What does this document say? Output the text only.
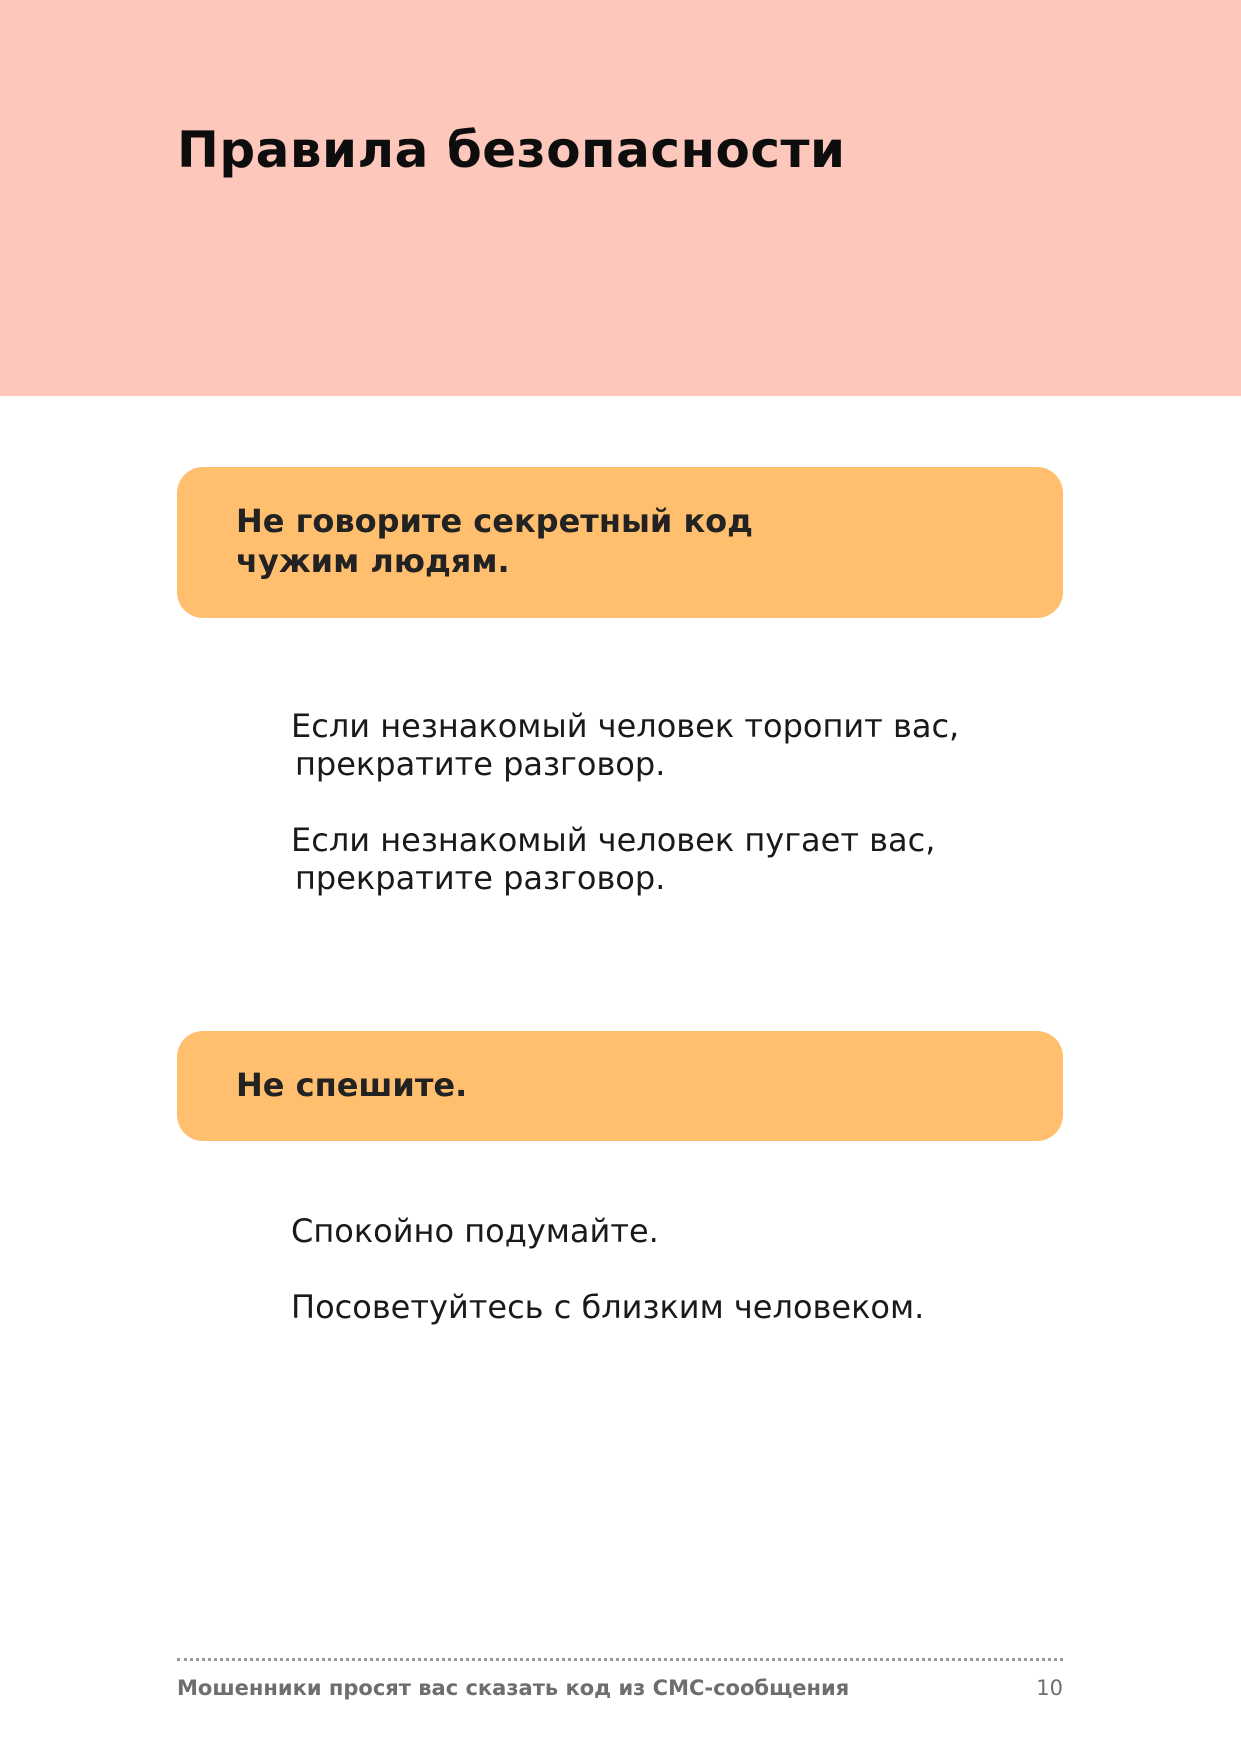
Правила безопасности
Не говорите секретный код
чужим людям.

Если незнакомый человек торопит вас,
прекратите разговор.

Если незнакомый человек пугает вас,
прекратите разговор.

Не спешите.

Спокойно подумайте.

Посоветуйтесь с близким человеком.

Мошенники просят вас сказать код из СМС-сообщения	10
